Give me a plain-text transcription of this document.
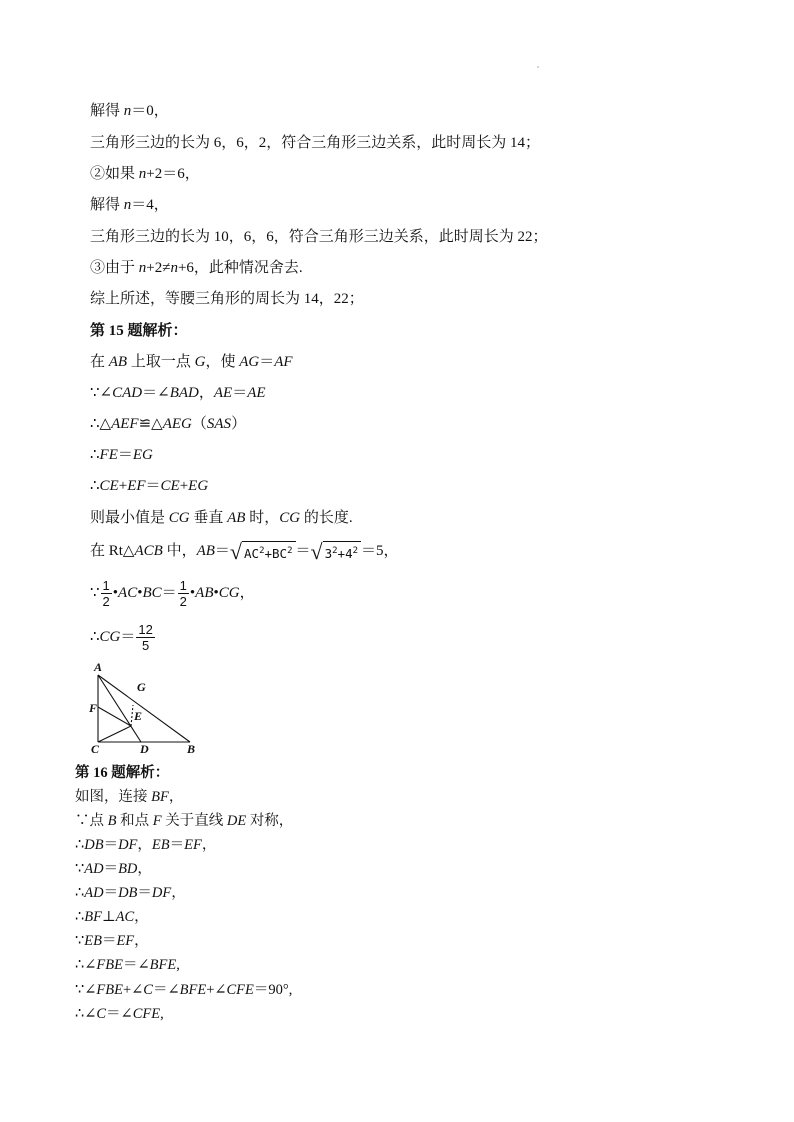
解得 n＝0，
三角形三边的长为 6，6，2，符合三角形三边关系，此时周长为 14；
②如果 n+2＝6，
解得 n＝4，
三角形三边的长为 10，6，6，符合三角形三边关系，此时周长为 22；
③由于 n+2≠n+6，此种情况舍去.
综上所述，等腰三角形的周长为 14，22；
第 15 题解析：
在 AB 上取一点 G，使 AG＝AF
∵∠CAD＝∠BAD，AE＝AE
∴△AEF≌△AEG（SAS）
∴FE＝EG
∴CE+EF＝CE+EG
则最小值是 CG 垂直 AB 时，CG 的长度.
在 Rt△ACB 中，AB＝ √ $AC^2+BC^2$ ＝ √ $3^2+4^2 =5$，
∵ $\frac{1}{2}$ •AC•BC＝ $\frac{1}{2}$ •AB•CG，
∴CG＝ $\frac{12}{5}$
A
G
F
E
C	D	B
第 16 题解析：
如图，连接 BF，
∵点 B 和点 F 关于直线 DE 对称，
∴DB＝DF，EB＝EF，
∵AD＝BD，
∴AD＝DB＝DF，
∴BF⊥AC，
∵EB＝EF，
∴∠FBE＝∠BFE,
∵∠FBE+∠C＝∠BFE+∠CFE＝90°,
∴∠C＝∠CFE,
